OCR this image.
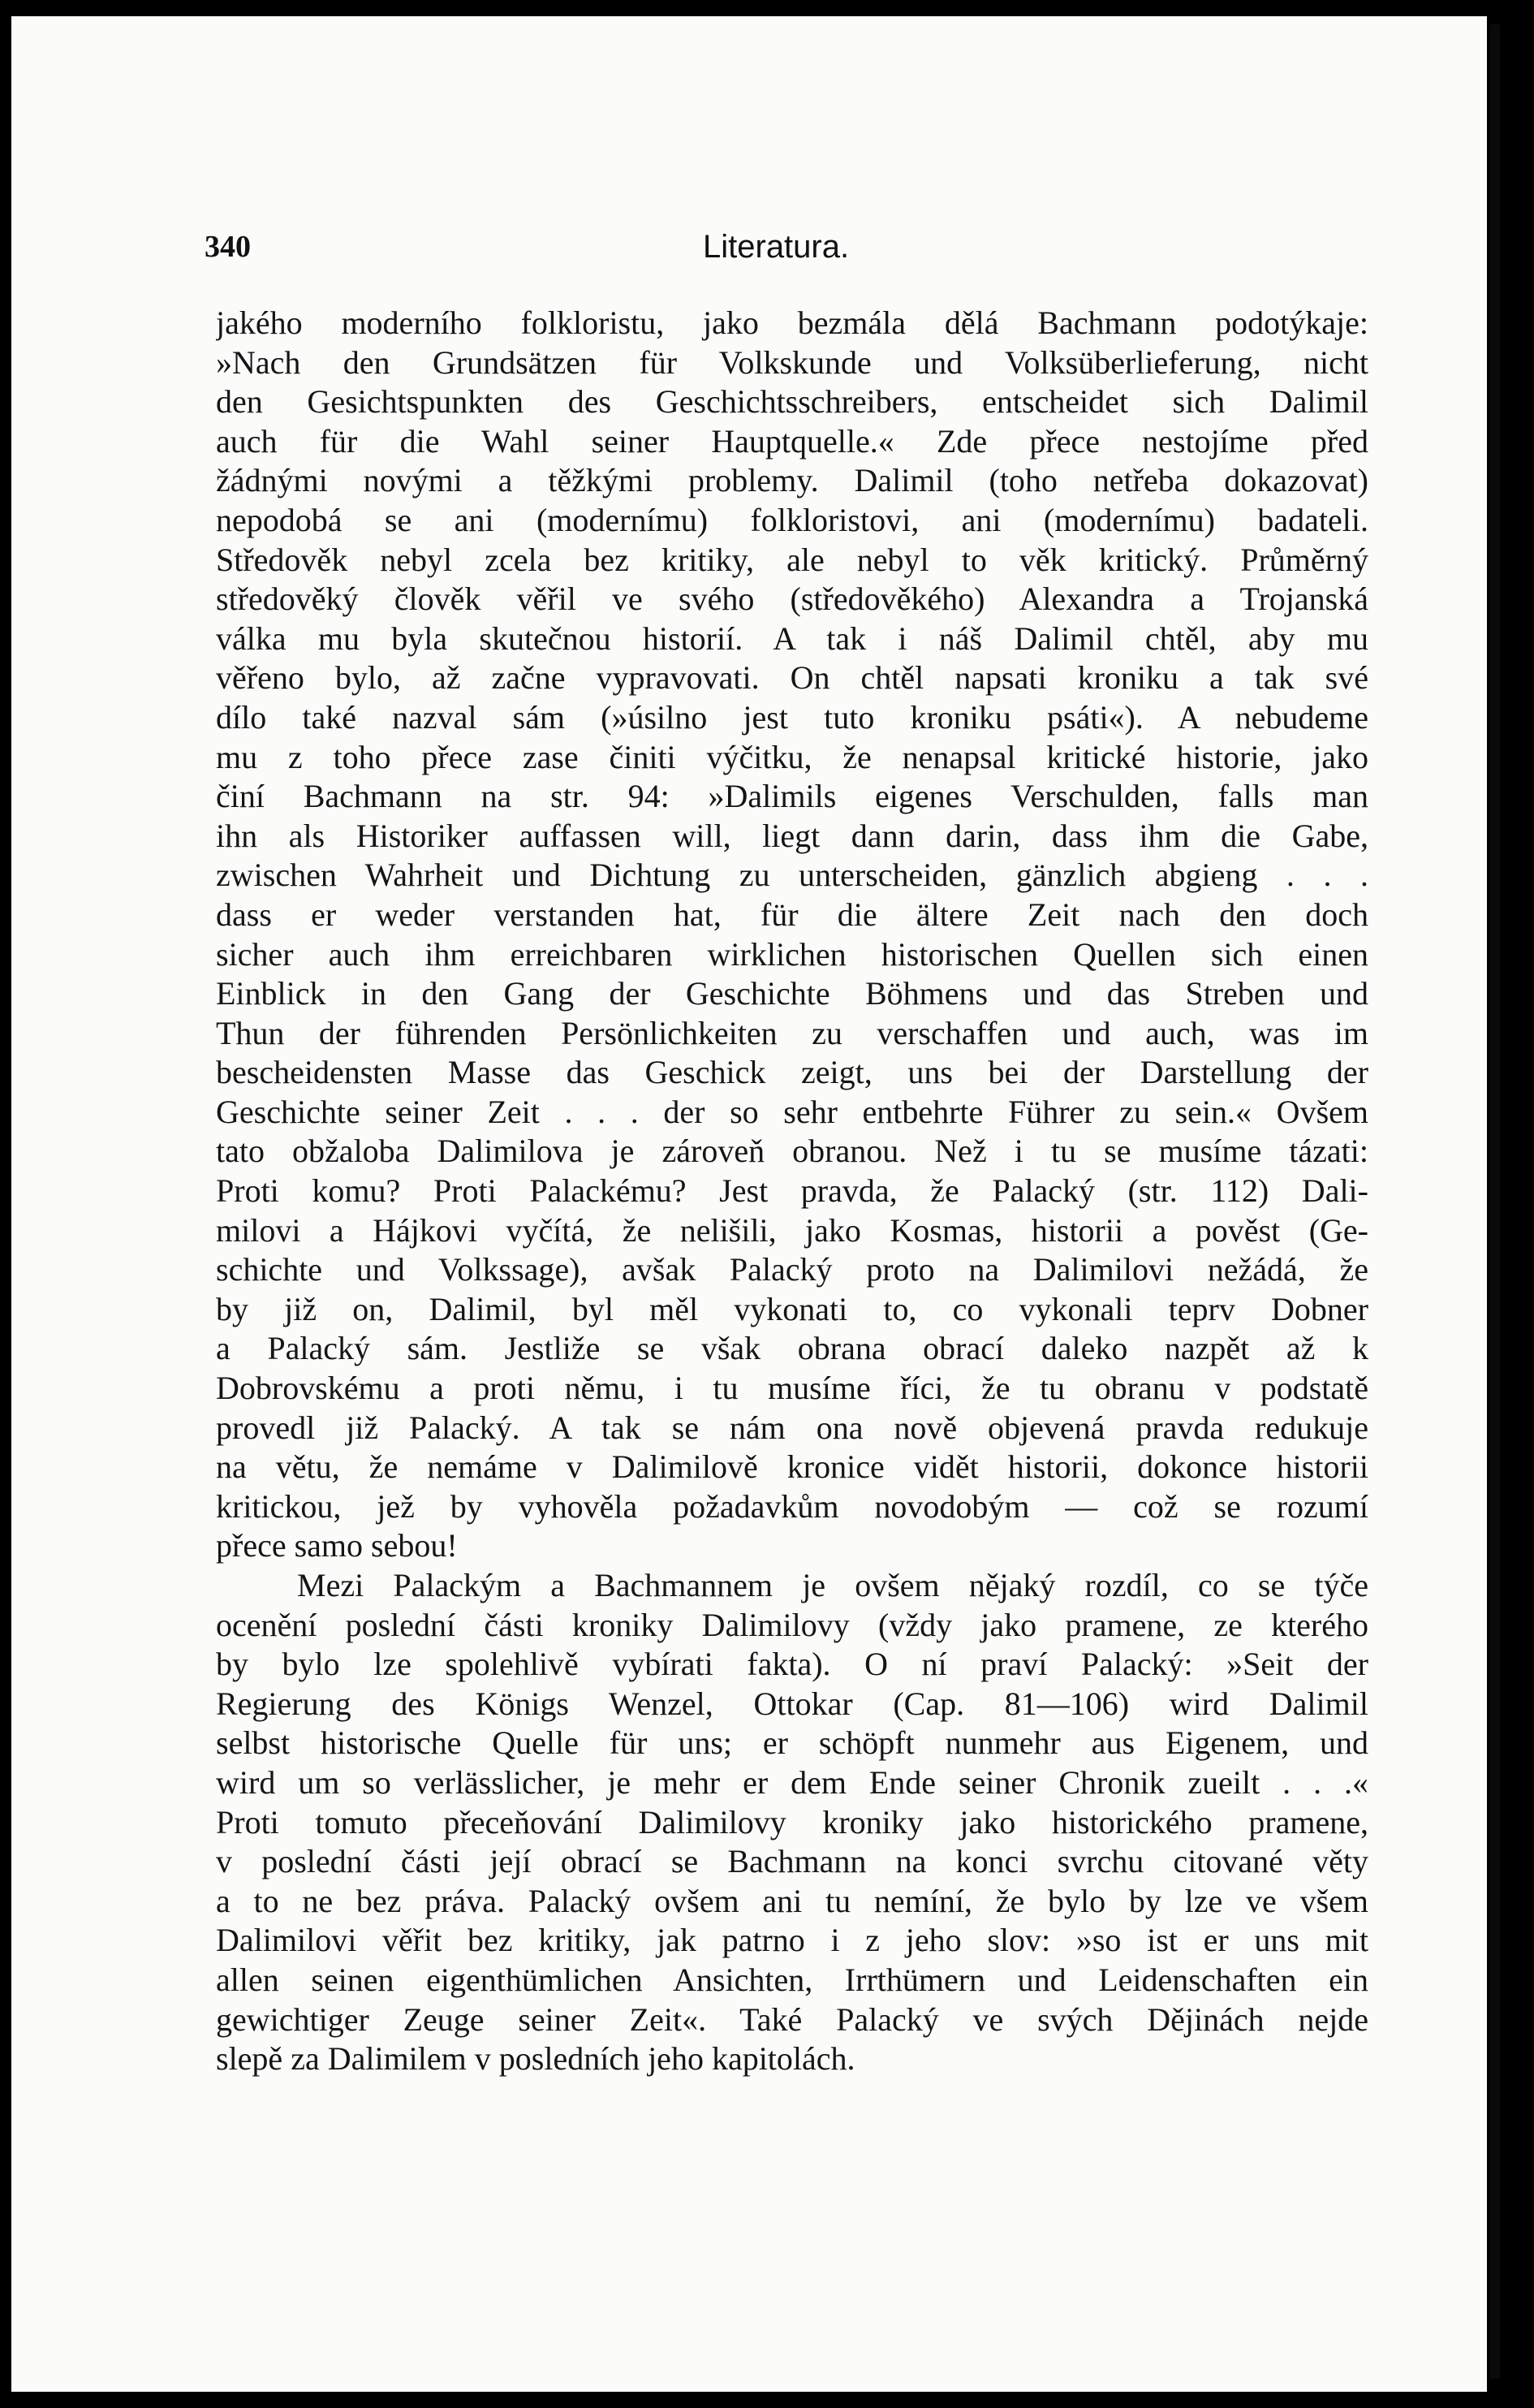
340	Literatura.
jakého moderního folkloristu, jako bezmála dělá Bachmann podotýkaje:
»Nach den Grundsätzen für Volkskunde und Volksüberlieferung, nicht
den Gesichtspunkten des Geschichtsschreibers, entscheidet sich Dalimil
auch für die Wahl seiner Hauptquelle.« Zde přece nestojíme před
žádnými novými a těžkými problemy. Dalimil (toho netřeba dokazovat)
nepodobá se ani (modernímu) folkloristovi, ani (modernímu) badateli.
Středověk nebyl zcela bez kritiky, ale nebyl to věk kritický. Průměrný
středověký člověk věřil ve svého (středověkého) Alexandra a Trojanská
válka mu byla skutečnou historií. A tak i náš Dalimil chtěl, aby mu
věřeno bylo, až začne vypravovati. On chtěl napsati kroniku a tak své
dílo také nazval sám (»úsilno jest tuto kroniku psáti«). A nebudeme
mu z toho přece zase činiti výčitku, že nenapsal kritické historie, jako
činí Bachmann na str. 94: »Dalimils eigenes Verschulden, falls man
ihn als Historiker auffassen will, liegt dann darin, dass ihm die Gabe,
zwischen Wahrheit und Dichtung zu unterscheiden, gänzlich abgieng . . .
dass er weder verstanden hat, für die ältere Zeit nach den doch
sicher auch ihm erreichbaren wirklichen historischen Quellen sich einen
Einblick in den Gang der Geschichte Böhmens und das Streben und
Thun der führenden Persönlichkeiten zu verschaffen und auch, was im
bescheidensten Masse das Geschick zeigt, uns bei der Darstellung der
Geschichte seiner Zeit . . . der so sehr entbehrte Führer zu sein.« Ovšem
tato obžaloba Dalimilova je zároveň obranou. Než i tu se musíme tázati:
Proti komu? Proti Palackému? Jest pravda, že Palacký (str. 112) Dali-
milovi a Hájkovi vyčítá, že nelišili, jako Kosmas, historii a pověst (Ge-
schichte und Volkssage), avšak Palacký proto na Dalimilovi nežádá, že
by již on, Dalimil, byl měl vykonati to, co vykonali teprv Dobner
a Palacký sám. Jestliže se však obrana obrací daleko nazpět až k
Dobrovskému a proti němu, i tu musíme říci, že tu obranu v podstatě
provedl již Palacký. A tak se nám ona nově objevená pravda redukuje
na větu, že nemáme v Dalimilově kronice vidět historii, dokonce historii
kritickou, jež by vyhověla požadavkům novodobým — což se rozumí
přece samo sebou!
Mezi Palackým a Bachmannem je ovšem nějaký rozdíl, co se týče
ocenění poslední části kroniky Dalimilovy (vždy jako pramene, ze kterého
by bylo lze spolehlivě vybírati fakta). O ní praví Palacký: »Seit der
Regierung des Königs Wenzel, Ottokar (Cap. 81—106) wird Dalimil
selbst historische Quelle für uns; er schöpft nunmehr aus Eigenem, und
wird um so verlässlicher, je mehr er dem Ende seiner Chronik zueilt . . .«
Proti tomuto přeceňování Dalimilovy kroniky jako historického pramene,
v poslední části její obrací se Bachmann na konci svrchu citované věty
a to ne bez práva. Palacký ovšem ani tu nemíní, že bylo by lze ve všem
Dalimilovi věřit bez kritiky, jak patrno i z jeho slov: »so ist er uns mit
allen seinen eigenthümlichen Ansichten, Irrthümern und Leidenschaften ein
gewichtiger Zeuge seiner Zeit«. Také Palacký ve svých Dějinách nejde
slepě za Dalimilem v posledních jeho kapitolách.
